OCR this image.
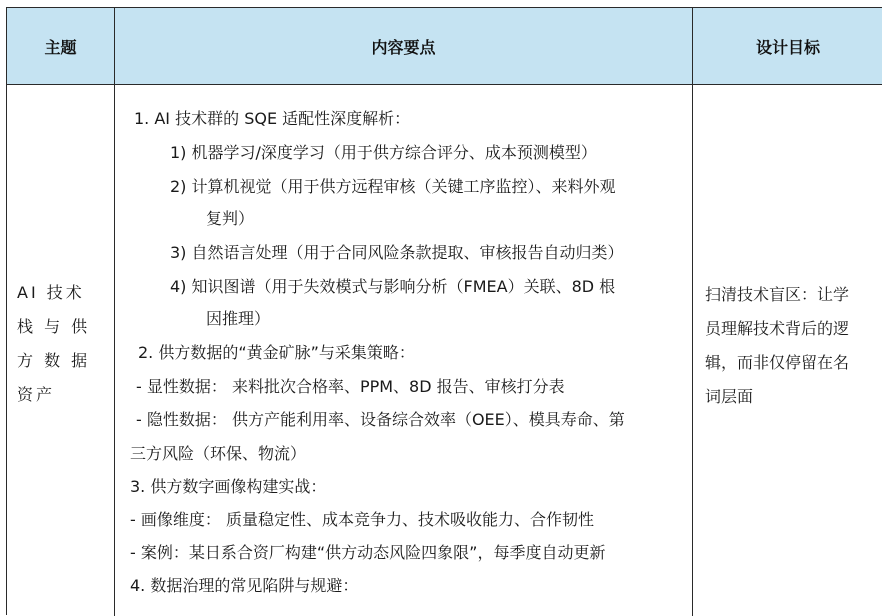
主题	内容要点	设计目标
AI 技术
栈 与 供
方 数 据
资产
1. AI 技术群的 SQE 适配性深度解析：
1) 机器学习/深度学习（用于供方综合评分、成本预测模型）
2) 计算机视觉（用于供方远程审核（关键工序监控）、来料外观
复判）
3) 自然语言处理（用于合同风险条款提取、审核报告自动归类）
4) 知识图谱（用于失效模式与影响分析（FMEA）关联、8D 根
因推理）
2. 供方数据的“黄金矿脉”与采集策略：
- 显性数据： 来料批次合格率、PPM、8D 报告、审核打分表
- 隐性数据： 供方产能利用率、设备综合效率（OEE）、模具寿命、第
三方风险（环保、物流）
3. 供方数字画像构建实战：
- 画像维度： 质量稳定性、成本竞争力、技术吸收能力、合作韧性
- 案例：某日系合资厂构建“供方动态风险四象限”，每季度自动更新
4. 数据治理的常见陷阱与规避：
扫清技术盲区：让学
员理解技术背后的逻
辑，而非仅停留在名
词层面
